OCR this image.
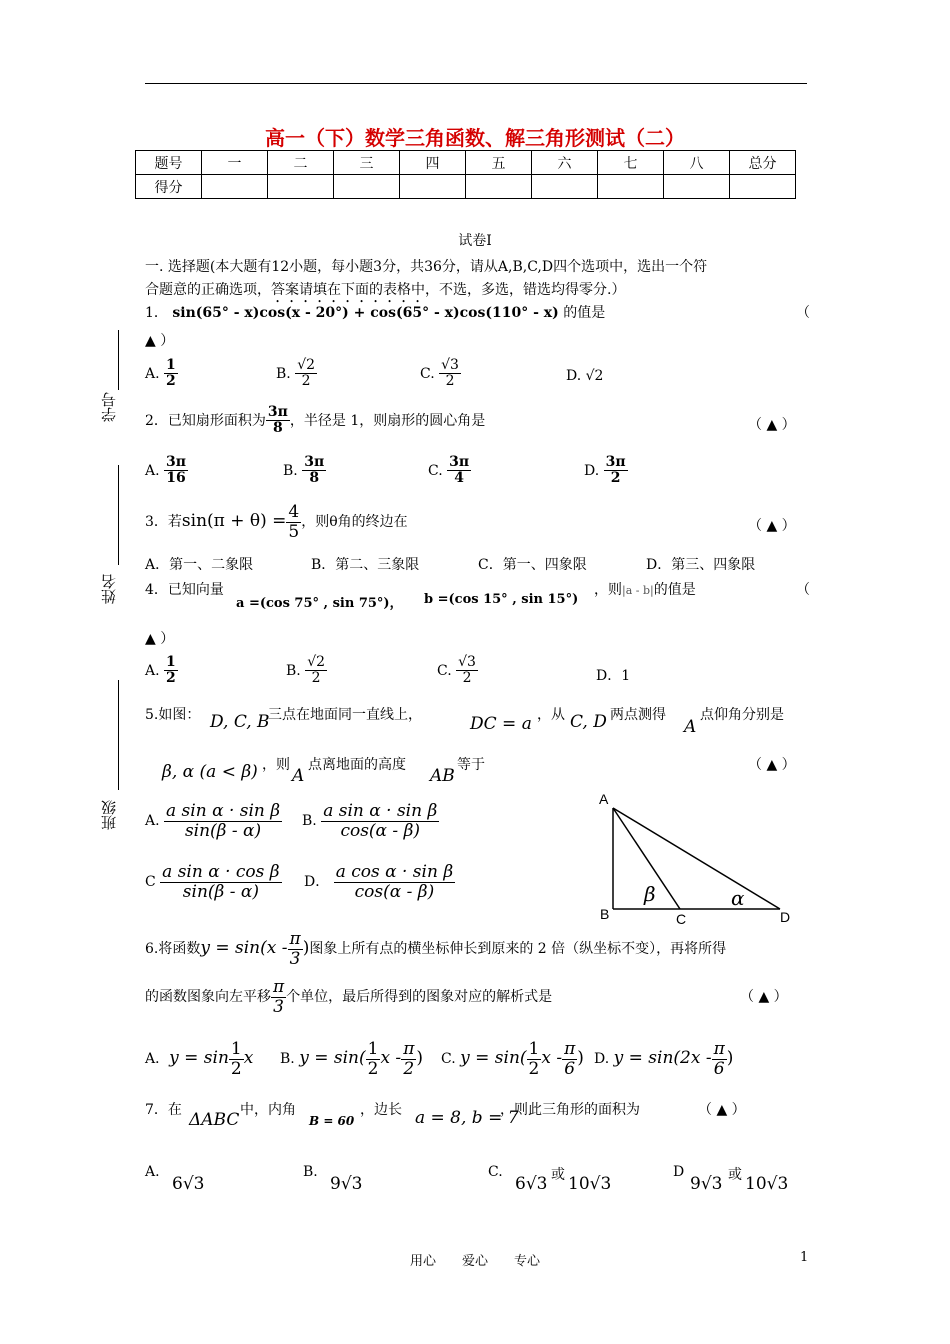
高一（下）数学三角函数、解三角形测试（二）
题号	一	二	三	四	五	六	七	八	总分
得分									
试卷Ⅰ
一. 选择题(本大题有12小题，每小题3分，共36分，请从A,B,C,D四个选项中，选出一个符
合题意的正确选项，答案请填在下面的表格中，不选，多选，错选均得零分.）
学号
姓名
班级
1． sin(65° - x)cos(x - 20°) + cos(65° - x)cos(110° - x) 的值是	（
▲ ）
A. $\frac{1}{2}$	B. $\frac{√2}{2}$	C. $\frac{√3}{2}$	D. √2
2．已知扇形面积为 $\frac{3\pi}{8}$ ，半径是 1，则扇形的圆心角是	（ ▲ ）
A. $\frac{3\pi}{16}$	B. $\frac{3\pi}{8}$	C. $\frac{3\pi}{4}$	D. $\frac{3\pi}{2}$
3．若$\sin(\pi + \theta) = \frac{4}{5}$ ，则θ角的终边在	（ ▲ ）
A．第一、二象限	B．第二、三象限	C．第一、四象限	D．第三、四象限
4．已知向量
a =(cos 75° , sin 75°)， b =(cos 15° , sin 15°)
，则|a - b|的值是	（
▲ ）
A. $\frac{1}{2}$	B. $\frac{√2}{2}$	C. $\frac{√3}{2}$	D．1
5.如图： D, C, B
三点在地面同一直线上，	DC = a ，从 C, D 两点测得
A
点仰角分别是
β, α (a < β) ，则
A
点离地面的高度
AB
等于	（ ▲ ）
A. $\frac{\text{a sin α · sin β}}{\sin(\beta - \alpha)} B$. $\frac{\text{a sin α · sin β}}{\cos(\alpha - \beta)}$
C $\frac{\text{a sin α · cos β}}{\sin(\beta - \alpha)}$ D． $\frac{\text{a cos α · sin β}}{\cos(\alpha - \beta)}$
A
B	C	D
β	α
6.将函数$y = \sin(x - \frac{\pi}{3}$ )图象上所有点的横坐标伸长到原来的 2 倍（纵坐标不变），再将所得
的函数图象向左平移 $\frac{\pi}{3}$ 个单位，最后所得到的图象对应的解析式是	（ ▲ ）
A．$y = \sin \frac{1}{2}$ x B. $y = \sin( \frac{1}{2}$ x - $\frac{\pi}{2}$ ) C. $y = \sin( \frac{1}{2}$ x - $\frac{\pi}{6}$ ) D. $y = \sin(2x - \frac{\pi}{6}$ )
7．在 ΔABC 中，内角
B = 60
，边长 a = 8, b = 7
，则此三角形的面积为	（ ▲ ）
A.
6√3
B.
9√3
C.
6√3 或 10√3
D
9√3 或 10√3
用心　　爱心　　专心	1
